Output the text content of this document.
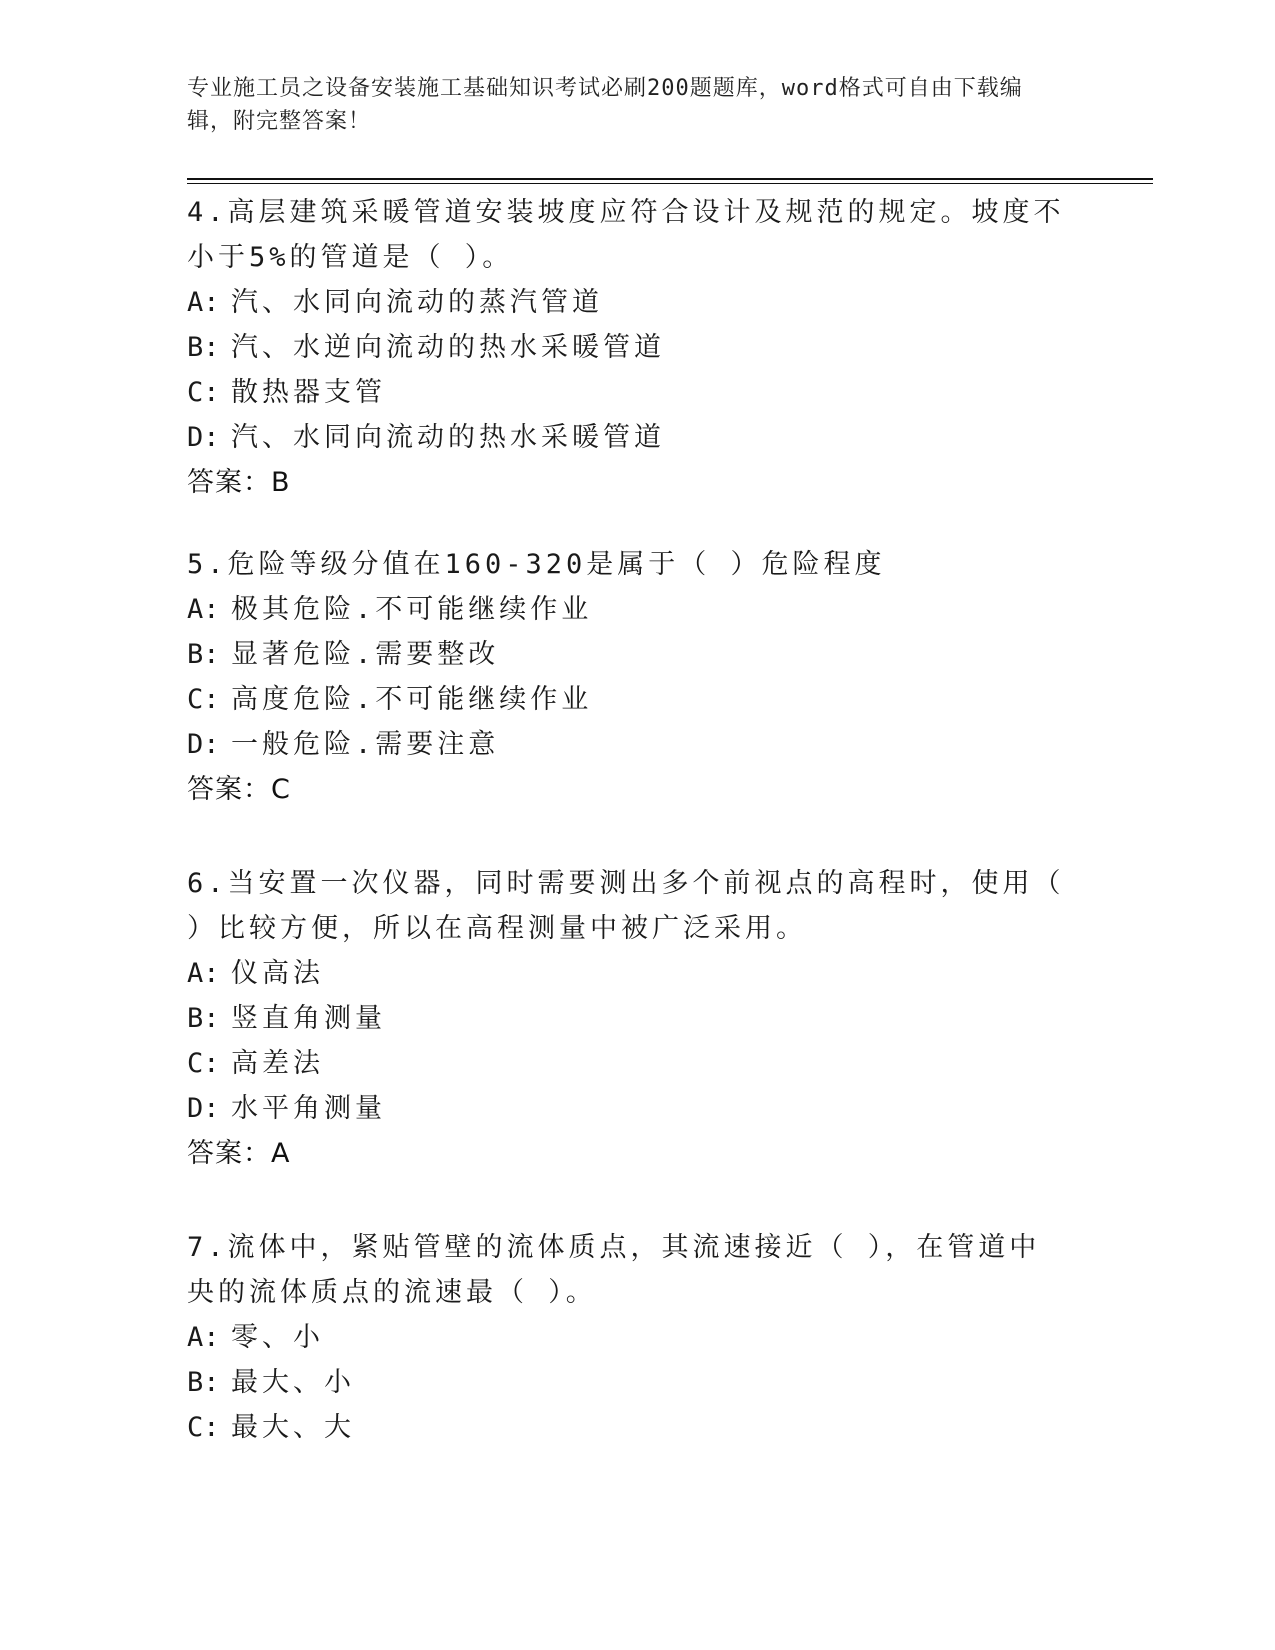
专业施工员之设备安装施工基础知识考试必刷200题题库，word格式可自由下载编辑，附完整答案！

4.高层建筑采暖管道安装坡度应符合设计及规范的规定。坡度不小于5%的管道是（ ）。

A: 汽、水同向流动的蒸汽管道

B: 汽、水逆向流动的热水采暖管道

C: 散热器支管

D: 汽、水同向流动的热水采暖管道

答案：B

5.危险等级分值在160-320是属于（ ）危险程度

A: 极其危险.不可能继续作业

B: 显著危险.需要整改

C: 高度危险.不可能继续作业

D: 一般危险.需要注意

答案：C

6.当安置一次仪器，同时需要测出多个前视点的高程时，使用（ ）比较方便，所以在高程测量中被广泛采用。

A: 仪高法

B: 竖直角测量

C: 高差法

D: 水平角测量

答案：A

7.流体中，紧贴管壁的流体质点，其流速接近（ ），在管道中央的流体质点的流速最（ ）。

A: 零、小

B: 最大、小

C: 最大、大
